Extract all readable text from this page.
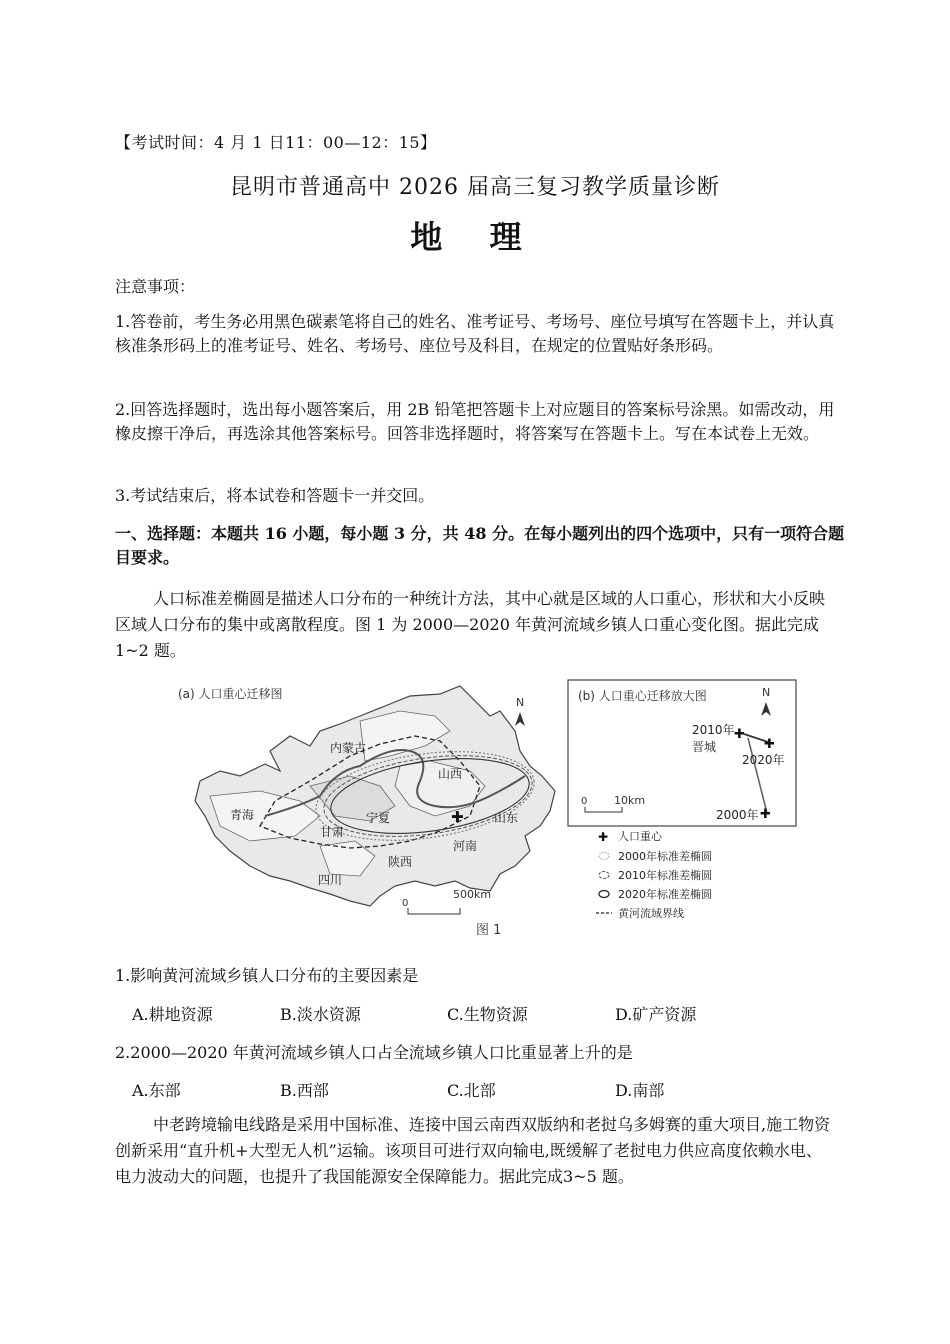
【考试时间：4 月 1 日11：00—12：15】
昆明市普通高中 2026 届高三复习教学质量诊断
地 理
注意事项：
1.答卷前，考生务必用黑色碳素笔将自己的姓名、准考证号、考场号、座位号填写在答题卡上，并认真核准条形码上的准考证号、姓名、考场号、座位号及科目，在规定的位置贴好条形码。
2.回答选择题时，选出每小题答案后，用 2B 铅笔把答题卡上对应题目的答案标号涂黑。如需改动，用橡皮擦干净后，再选涂其他答案标号。回答非选择题时，将答案写在答题卡上。写在本试卷上无效。
3.考试结束后，将本试卷和答题卡一并交回。
一、选择题：本题共 16 小题，每小题 3 分，共 48 分。在每小题列出的四个选项中，只有一项符合题目要求。
人口标准差椭圆是描述人口分布的一种统计方法，其中心就是区域的人口重心，形状和大小反映区域人口分布的集中或离散程度。图 1 为 2000—2020 年黄河流域乡镇人口重心变化图。据此完成 1~2 题。
(a) 人口重心迁移图
N
✚
内蒙古
山西
青海
甘肃
宁夏
陕西
河南
山东
四川
0
500km
(b) 人口重心迁移放大图	N
晋城
✚
✚
✚
2010年
2020年
2000年
0 10km
✚ 人口重心
2000年标准差椭圆
2010年标准差椭圆
2020年标准差椭圆
黄河流域界线
图 1
1.影响黄河流域乡镇人口分布的主要因素是
A.耕地资源	B.淡水资源	C.生物资源	D.矿产资源
2.2000—2020 年黄河流域乡镇人口占全流域乡镇人口比重显著上升的是
A.东部	B.西部	C.北部	D.南部
中老跨境输电线路是采用中国标准、连接中国云南西双版纳和老挝乌多姆赛的重大项目,施工物资创新采用“直升机+大型无人机”运输。该项目可进行双向输电,既缓解了老挝电力供应高度依赖水电、电力波动大的问题，也提升了我国能源安全保障能力。据此完成3~5 题。
